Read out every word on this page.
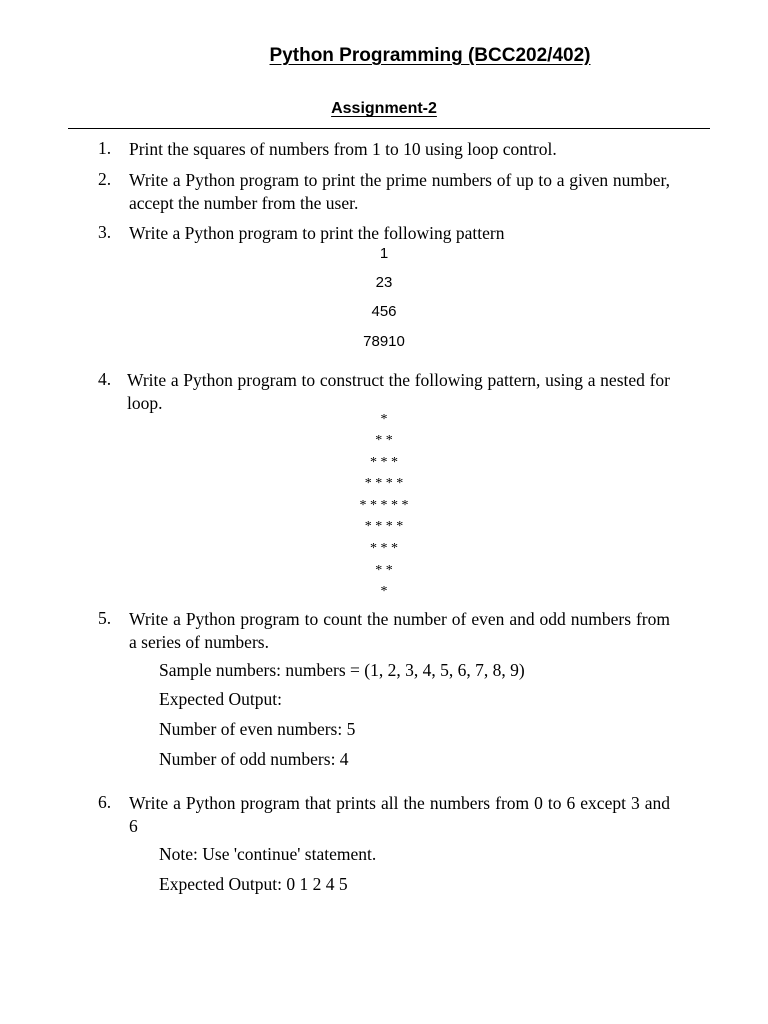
Python Programming (BCC202/402)
Assignment-2
1. Print the squares of numbers from 1 to 10 using loop control.
2. Write a Python program to print the prime numbers of up to a given number, accept the number from the user.
3. Write a Python program to print the following pattern
1
23
456
78910
4. Write a Python program to construct the following pattern, using a nested for loop.
*
* *
* * *
* * * *
* * * * *
* * * *
* * *
* *
*
5. Write a Python program to count the number of even and odd numbers from a series of numbers.
Sample numbers: numbers = (1, 2, 3, 4, 5, 6, 7, 8, 9)
Expected Output:
Number of even numbers: 5
Number of odd numbers: 4
6. Write a Python program that prints all the numbers from 0 to 6 except 3 and 6
Note: Use 'continue' statement.
Expected Output: 0 1 2 4 5
